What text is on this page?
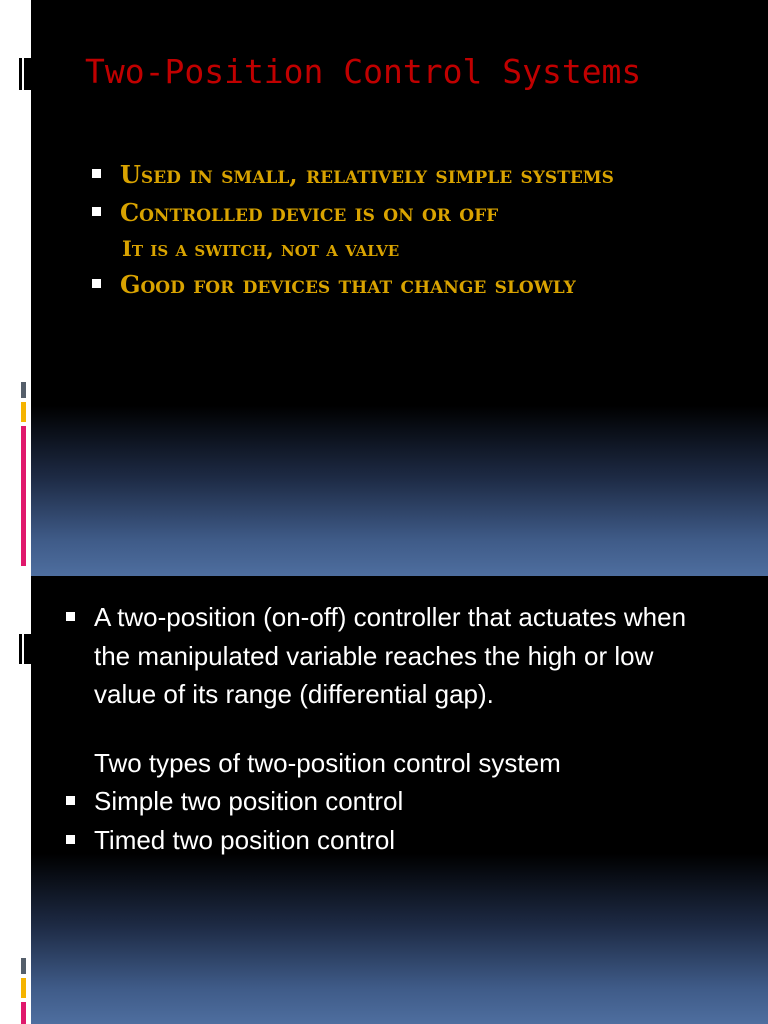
Used in small, relatively simple systems
Controlled device is on or off
It is a switch, not a valve
Good for devices that change slowly
Two-Position Control Systems
A two-position (on-off) controller that actuates when the manipulated variable reaches the high or low value of its range (differential gap).
Two types of two-position control system
Simple two position control
Timed two position control
